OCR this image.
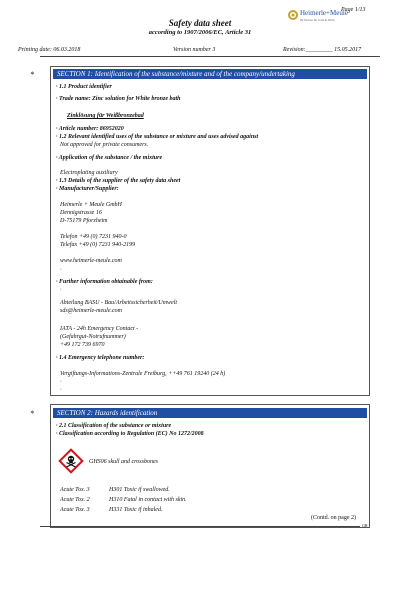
Page 1/13
Safety data sheet
according to 1907/2006/EC, Article 31
Heimerle+Meule
Ihr Partner für Gold & Silber
Printing date: 06.03.2018	Version number 3	Revision:_________ 15.05.2017
*	SECTION 1: Identification of the substance/mixture and of the company/undertaking
· 1.1 Product identifier
· Trade name: Zinc solution for White bronze bath
Zinklösung für Weißbronzebad
· Article number: 86952020
· 1.2 Relevant identified uses of the substance or mixture and uses advised against
Not approved for private consumers.
· Application of the substance / the mixture
Electroplating auxiliary
· 1.3 Details of the supplier of the safety data sheet
· Manufacturer/Supplier:
Heimerle + Meule GmbH
Dennigstrasse 16
D-75179 Pforzheim
Telefon +49 (0) 7231 940-0
Telefax +49 (0) 7231 940-2199
www.heimerle-meule.com
·
· Further information obtainable from:
·
Abteilung BASU - Bau/Arbeitssicherheit/Umwelt
sds@heimerle-meule.com
IATA - 24h Emergency Contact -
(Gefahrgut-Notrufnummer)
+49 172 739 6970
· 1.4 Emergency telephone number:
Vergiftungs-Informations-Zentrale Freiburg, ++49 761 19240 (24 h)
·
·
*	SECTION 2: Hazards identification
· 2.1 Classification of the substance or mixture
· Classification according to Regulation (EC) No 1272/2008
GHS06 skull and crossbones
Acute Tox. 3	H301 Toxic if swallowed.
Acute Tox. 2	H310 Fatal in contact with skin.
Acute Tox. 3	H331 Toxic if inhaled.
(Contd. on page 2)
GB
